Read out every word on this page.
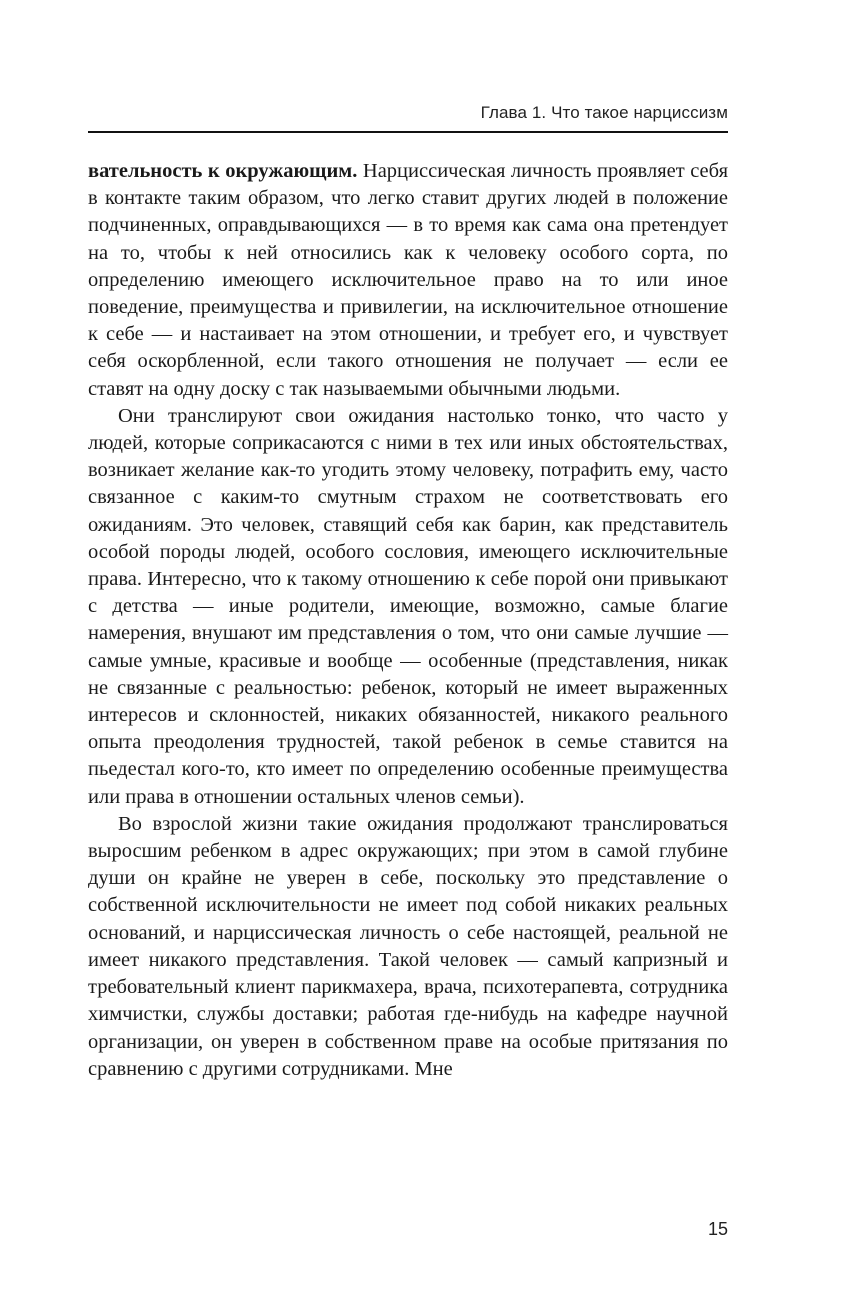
Глава 1. Что такое нарциссизм

вательность к окружающим. Нарциссическая личность проявляет себя в контакте таким образом, что легко ставит других людей в положение подчиненных, оправдывающихся — в то время как сама она претендует на то, чтобы к ней относились как к человеку особого сорта, по определению имеющего исключительное право на то или иное поведение, преимущества и привилегии, на исключительное отношение к себе — и настаивает на этом отношении, и требует его, и чувствует себя оскорбленной, если такого отношения не получает — если ее ставят на одну доску с так называемыми обычными людьми.

Они транслируют свои ожидания настолько тонко, что часто у людей, которые соприкасаются с ними в тех или иных обстоятельствах, возникает желание как-то угодить этому человеку, потрафить ему, часто связанное с каким-то смутным страхом не соответствовать его ожиданиям. Это человек, ставящий себя как барин, как представитель особой породы людей, особого сословия, имеющего исключительные права. Интересно, что к такому отношению к себе порой они привыкают с детства — иные родители, имеющие, возможно, самые благие намерения, внушают им представления о том, что они самые лучшие — самые умные, красивые и вообще — особенные (представления, никак не связанные с реальностью: ребенок, который не имеет выраженных интересов и склонностей, никаких обязанностей, никакого реального опыта преодоления трудностей, такой ребенок в семье ставится на пьедестал кого-то, кто имеет по определению особенные преимущества или права в отношении остальных членов семьи).

Во взрослой жизни такие ожидания продолжают транслироваться выросшим ребенком в адрес окружающих; при этом в самой глубине души он крайне не уверен в себе, поскольку это представление о собственной исключительности не имеет под собой никаких реальных оснований, и нарциссическая личность о себе настоящей, реальной не имеет никакого представления. Такой человек — самый капризный и требовательный клиент парикмахера, врача, психотерапевта, сотрудника химчистки, службы доставки; работая где-нибудь на кафедре научной организации, он уверен в собственном праве на особые притязания по сравнению с другими сотрудниками. Мне

15
